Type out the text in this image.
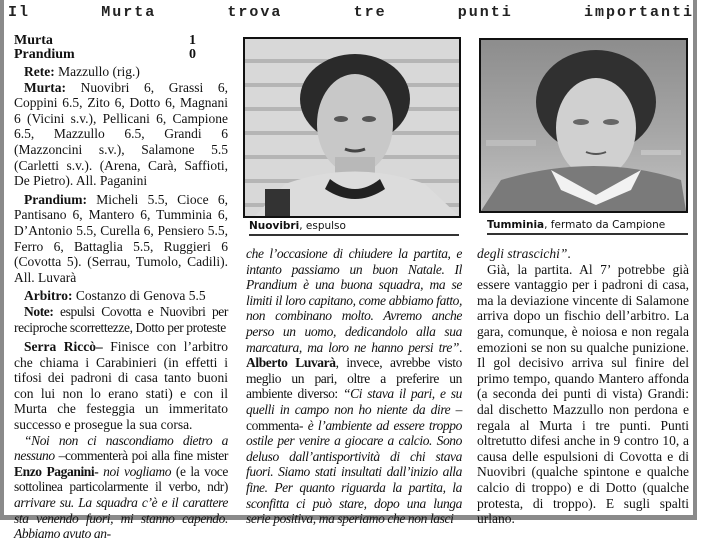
Il	Murta	trova	tre	punti	importanti
Murta	1
Prandium	0

Rete: Mazzullo (rig.)

Murta: Nuovibri 6, Grassi 6, Coppini 6.5, Zito 6, Dotto 6, Magnani 6 (Vicini s.v.), Pellicani 6, Campione 6.5, Mazzullo 6.5, Grandi 6 (Mazzoncini s.v.), Salamone 5.5 (Carletti s.v.). (Arena, Carà, Saffioti, De Pietro). All. Paganini

Prandium: Micheli 5.5, Cioce 6, Pantisano 6, Mantero 6, Tumminia 6, D’Antonio 5.5, Curella 6, Pensiero 5.5, Ferro 6, Battaglia 5.5, Ruggieri 6 (Covotta 5). (Serrau, Tumolo, Cadili). All. Luvarà

Arbitro: Costanzo di Genova 5.5

Note: espulsi Covotta e Nuovibri per reciproche scorrettezze, Dotto per proteste

Serra Riccò– Finisce con l’arbitro che chiama i Carabinieri (in effetti i tifosi dei padroni di casa tanto buoni con lui non lo erano stati) e con il Murta che festeggia un immeritato successo e prosegue la sua corsa.

“Noi non ci nascondiamo dietro a nessuno –commenterà poi alla fine mister Enzo Paganini- noi vogliamo (e la voce sottolinea particolarmente il verbo, ndr) arrivare su. La squadra c’è e il carattere sta venendo fuori, mi stanno capendo. Abbiamo avuto an-

Nuovibri, espulso	Tumminia, fermato da Campione

che l’occasione di chiudere la partita, e intanto passiamo un buon Natale. Il Prandium è una buona squadra, ma se limiti il loro capitano, come abbiamo fatto, non combinano molto. Avremo anche perso un uomo, dedicandolo alla sua marcatura, ma loro ne hanno persi tre”. Alberto Luvarà, invece, avrebbe visto meglio un pari, oltre a preferire un ambiente diverso: “Ci stava il pari, e su quelli in campo non ho niente da dire – commenta- è l’ambiente ad essere troppo ostile per venire a giocare a calcio. Sono deluso dall’antisportività di chi stava fuori. Siamo stati insultati dall’inizio alla fine. Per quanto riguarda la partita, la sconfitta ci può stare, dopo una lunga serie positiva, ma speriamo che non lasci

degli strascichi”.

Già, la partita. Al 7’ potrebbe già essere vantaggio per i padroni di casa, ma la deviazione vincente di Salamone arriva dopo un fischio dell’arbitro. La gara, comunque, è noiosa e non regala emozioni se non su qualche punizione. Il gol decisivo arriva sul finire del primo tempo, quando Mantero affonda (a seconda dei punti di vista) Grandi: dal dischetto Mazzullo non perdona e regala al Murta i tre punti. Punti oltretutto difesi anche in 9 contro 10, a causa delle espulsioni di Covotta e di Nuovibri (qualche spintone e qualche calcio di troppo) e di Dotto (qualche protesta, di troppo). E sugli spalti urlano.
